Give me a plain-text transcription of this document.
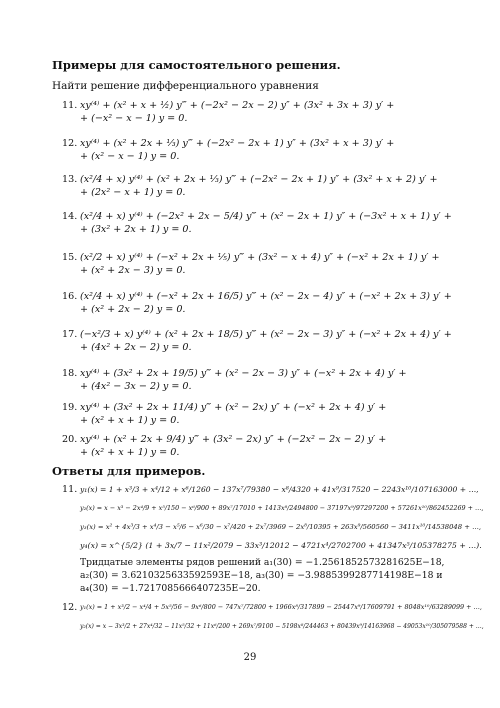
Примеры для самостоятельного решения.
Найти решение дифференциального уравнения
11. xy⁽⁴⁾ + (x² + x + ½) y‴ + (−2x² − 2x − 2) y″ + (3x² + 3x + 3) y′ +
+ (−x² − x − 1) y = 0.
12. xy⁽⁴⁾ + (x² + 2x + ⅓) y‴ + (−2x² − 2x + 1) y″ + (3x² + x + 3) y′ +
+ (x² − x − 1) y = 0.
13. (x²/4 + x) y⁽⁴⁾ + (x² + 2x + ⅓) y‴ + (−2x² − 2x + 1) y″ + (3x² + x + 2) y′ +
+ (2x² − x + 1) y = 0.
14. (x²/4 + x) y⁽⁴⁾ + (−2x² + 2x − 5/4) y‴ + (x² − 2x + 1) y″ + (−3x² + x + 1) y′ +
+ (3x² + 2x + 1) y = 0.
15. (x²/2 + x) y⁽⁴⁾ + (−x² + 2x + ⅕) y‴ + (3x² − x + 4) y″ + (−x² + 2x + 1) y′ +
+ (x² + 2x − 3) y = 0.
16. (x²/4 + x) y⁽⁴⁾ + (−x² + 2x + 16/5) y‴ + (x² − 2x − 4) y″ + (−x² + 2x + 3) y′ +
+ (x² + 2x − 2) y = 0.
17. (−x²/3 + x) y⁽⁴⁾ + (x² + 2x + 18/5) y‴ + (x² − 2x − 3) y″ + (−x² + 2x + 4) y′ +
+ (4x² + 2x − 2) y = 0.
18. xy⁽⁴⁾ + (3x² + 2x + 19/5) y‴ + (x² − 2x − 3) y″ + (−x² + 2x + 4) y′ +
+ (4x² − 3x − 2) y = 0.
19. xy⁽⁴⁾ + (3x² + 2x + 11/4) y‴ + (x² − 2x) y″ + (−x² + 2x + 4) y′ +
+ (x² + x + 1) y = 0.
20. xy⁽⁴⁾ + (x² + 2x + 9/4) y‴ + (3x² − 2x) y″ + (−2x² − 2x − 2) y′ +
+ (x² + x + 1) y = 0.
Ответы для примеров.
11. y₁(x) = 1 + x³/3 + x⁴/12 + x⁶/1260 − 137x⁷/79380 − x⁸/4320 + 41x⁹/317520 − 2243x¹⁰/107163000 + …,
y₂(x) = x − x³ − 2x⁴/9 + x⁵/150 − x⁶/900 + 89x⁷/17010 + 1413x⁸/2494800 − 37197x⁹/97297200 + 57261x¹⁰/862452269 + …,
y₃(x) = x² + 4x³/3 + x⁴/3 − x⁵/6 − x⁶/30 − x⁷/420 + 2x⁷/3969 − 2x⁸/10395 + 263x⁹/560560 − 3411x¹⁰/14538048 + …,
y₄(x) = x^{5/2} (1 + 3x/7 − 11x²/2079 − 33x³/12012 − 4721x⁴/2702700 + 41347x⁵/105378275 + …).
Тридцатые элементы рядов решений a₁(30) = −1.2561852573281625E−18,
a₂(30) = 3.6210325633592593E−18, a₃(30) = −3.9885399287714198E−18 и
a₄(30) = −1.7217085666407235E−20.
12. y₁(x) = 1 + x³/2 − x⁴/4 + 5x⁵/56 − 9x⁶/800 − 747x⁷/72800 + 1966x⁸/317899 − 25447x⁹/17609791 + 8048x¹⁰/63289099 + …,
y₂(x) = x − 3x³/2 + 27x⁴/32 − 11x⁵/32 + 11x⁶/200 + 269x⁷/9100 − 5198x⁸/244463 + 80439x⁹/14163968 − 49053x¹⁰/305079588 + …,
29
